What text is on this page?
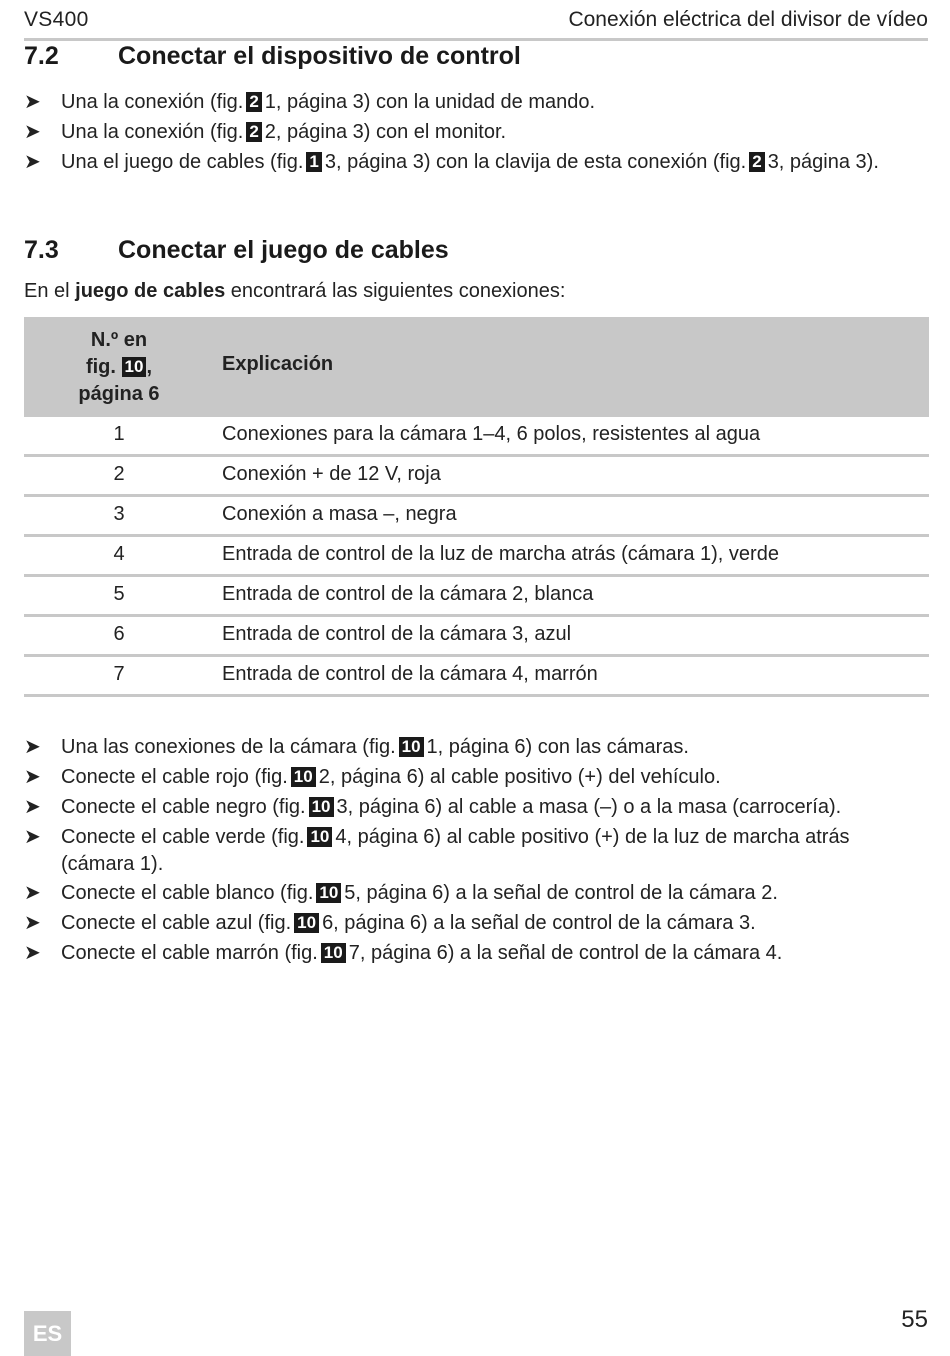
VS400	Conexión eléctrica del divisor de vídeo
7.2 Conectar el dispositivo de control
➤	Una la conexión (fig. 2 1, página 3) con la unidad de mando.
➤	Una la conexión (fig. 2 2, página 3) con el monitor.
➤	Una el juego de cables (fig. 1 3, página 3) con la clavija de esta conexión (fig. 2 3, página 3).
7.3 Conectar el juego de cables
En el juego de cables encontrará las siguientes conexiones:
N.º en
fig. 10 ,
página 6
Explicación
1	Conexiones para la cámara 1–4, 6 polos, resistentes al agua
2	Conexión + de 12 V, roja
3	Conexión a masa –, negra
4	Entrada de control de la luz de marcha atrás (cámara 1), verde
5	Entrada de control de la cámara 2, blanca
6	Entrada de control de la cámara 3, azul
7	Entrada de control de la cámara 4, marrón
➤	Una las conexiones de la cámara (fig. 10 1, página 6) con las cámaras.
➤	Conecte el cable rojo (fig. 10 2, página 6) al cable positivo (+) del vehículo.
➤	Conecte el cable negro (fig. 10 3, página 6) al cable a masa (–) o a la masa (carrocería).
➤	Conecte el cable verde (fig. 10 4, página 6) al cable positivo (+) de la luz de marcha atrás (cámara 1).
➤	Conecte el cable blanco (fig. 10 5, página 6) a la señal de control de la cámara 2.
➤	Conecte el cable azul (fig. 10 6, página 6) a la señal de control de la cámara 3.
➤	Conecte el cable marrón (fig. 10 7, página 6) a la señal de control de la cámara 4.
ES
55
